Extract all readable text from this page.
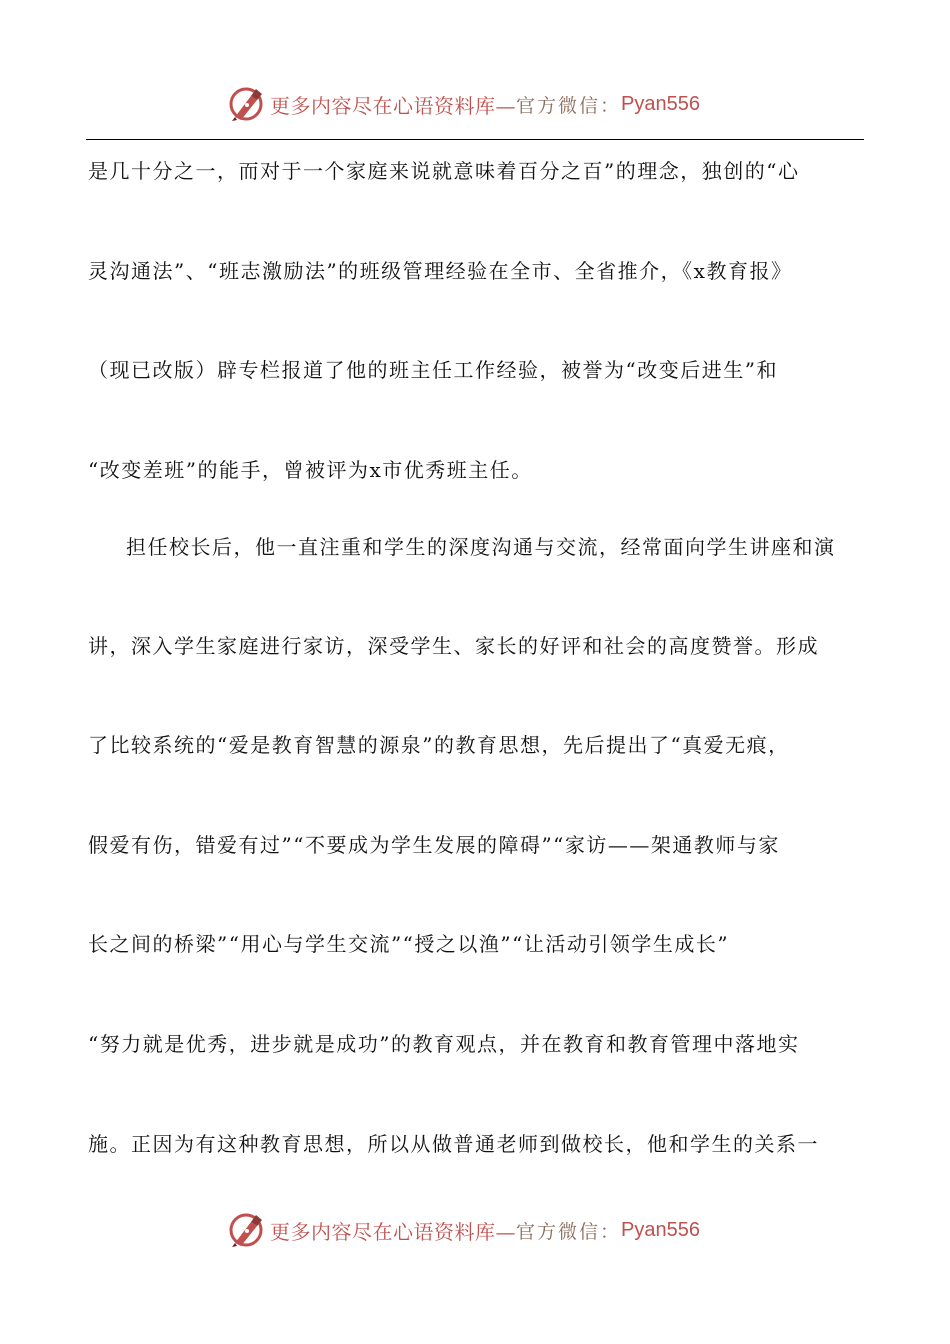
更多内容尽在心语资料库— 官方微信： Pyan556
是几十分之一，而对于一个家庭来说就意味着百分之百”的理念，独创的“心
灵沟通法”、“班志激励法”的班级管理经验在全市、全省推介，《x教育报》
（现已改版）辟专栏报道了他的班主任工作经验，被誉为“改变后进生”和
“改变差班”的能手，曾被评为x市优秀班主任。
担任校长后，他一直注重和学生的深度沟通与交流，经常面向学生讲座和演
讲，深入学生家庭进行家访，深受学生、家长的好评和社会的高度赞誉。形成
了比较系统的“爱是教育智慧的源泉”的教育思想，先后提出了“真爱无痕，
假爱有伤，错爱有过”“不要成为学生发展的障碍”“家访——架通教师与家
长之间的桥梁”“用心与学生交流”“授之以渔”“让活动引领学生成长”
“努力就是优秀，进步就是成功”的教育观点，并在教育和教育管理中落地实
施。正因为有这种教育思想，所以从做普通老师到做校长，他和学生的关系一
更多内容尽在心语资料库— 官方微信： Pyan556
